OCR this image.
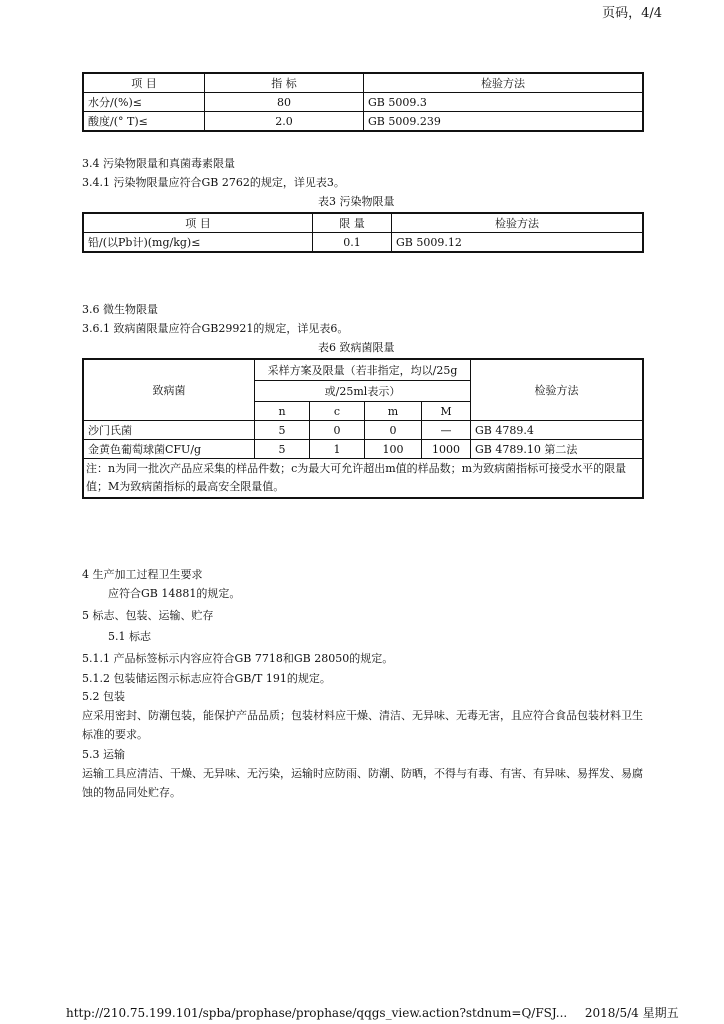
页码，4/4
项 目	指 标	检验方法
水分/(%)≤	80	GB 5009.3
酸度/(° T)≤	2.0	GB 5009.239
3.4 污染物限量和真菌毒素限量
3.4.1 污染物限量应符合GB 2762的规定，详见表3。
表3 污染物限量
项 目	限 量	检验方法
铅/(以Pb计)(mg/kg)≤	0.1	GB 5009.12
3.6 微生物限量
3.6.1 致病菌限量应符合GB29921的规定，详见表6。
表6 致病菌限量
致病菌	采样方案及限量（若非指定，均以/25g				检验方法
	或/25ml表示）				
	n	c	m	M	
沙门氏菌	5	0	0	—	GB 4789.4
金黄色葡萄球菌CFU/g	5	1	100	1000	GB 4789.10 第二法
注：n为同一批次产品应采集的样品件数；c为最大可允许超出m值的样品数；m为致病菌指标可接受水平的限量值；M为致病菌指标的最高安全限量值。					
4 生产加工过程卫生要求
应符合GB 14881的规定。
5 标志、包装、运输、贮存
5.1 标志
5.1.1 产品标签标示内容应符合GB 7718和GB 28050的规定。
5.1.2 包装储运图示标志应符合GB/T 191的规定。
5.2 包装
应采用密封、防潮包装，能保护产品品质；包装材料应干燥、清洁、无异味、无毒无害，且应符合食品包装材料卫生标准的要求。
5.3 运输
运输工具应清洁、干燥、无异味、无污染，运输时应防雨、防潮、防晒，不得与有毒、有害、有异味、易挥发、易腐蚀的物品同处贮存。
http://210.75.199.101/spba/prophase/prophase/qqgs_view.action?stdnum=Q/FSJ... 2018/5/4 星期五
